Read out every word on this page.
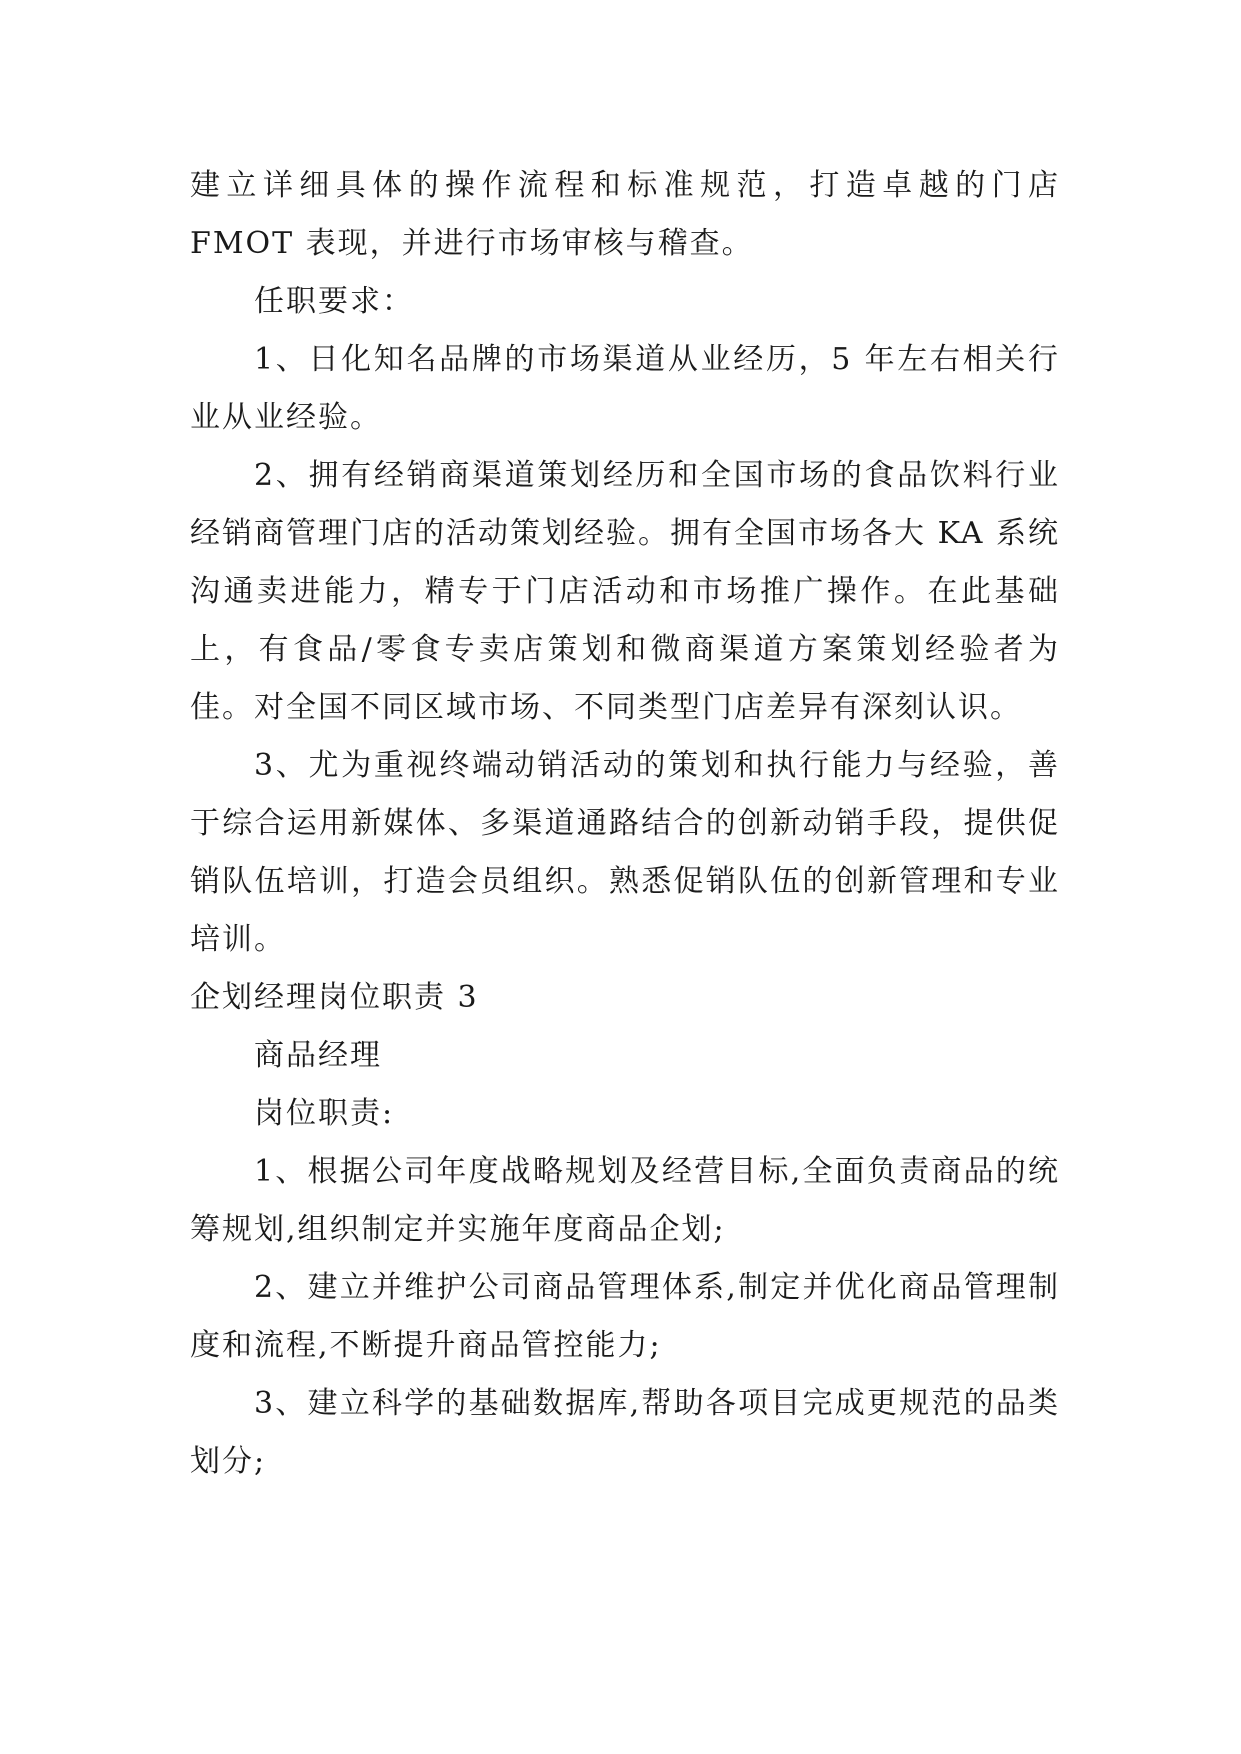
建立详细具体的操作流程和标准规范，打造卓越的门店 FMOT 表现，并进行市场审核与稽查。

任职要求：

1、日化知名品牌的市场渠道从业经历，5 年左右相关行业从业经验。

2、拥有经销商渠道策划经历和全国市场的食品饮料行业经销商管理门店的活动策划经验。拥有全国市场各大 KA 系统沟通卖进能力，精专于门店活动和市场推广操作。在此基础上，有食品/零食专卖店策划和微商渠道方案策划经验者为佳。对全国不同区域市场、不同类型门店差异有深刻认识。

3、尤为重视终端动销活动的策划和执行能力与经验，善于综合运用新媒体、多渠道通路结合的创新动销手段，提供促销队伍培训，打造会员组织。熟悉促销队伍的创新管理和专业培训。

企划经理岗位职责 3

商品经理

岗位职责:

1、根据公司年度战略规划及经营目标,全面负责商品的统筹规划,组织制定并实施年度商品企划;

2、建立并维护公司商品管理体系,制定并优化商品管理制度和流程,不断提升商品管控能力;

3、建立科学的基础数据库,帮助各项目完成更规范的品类划分;
